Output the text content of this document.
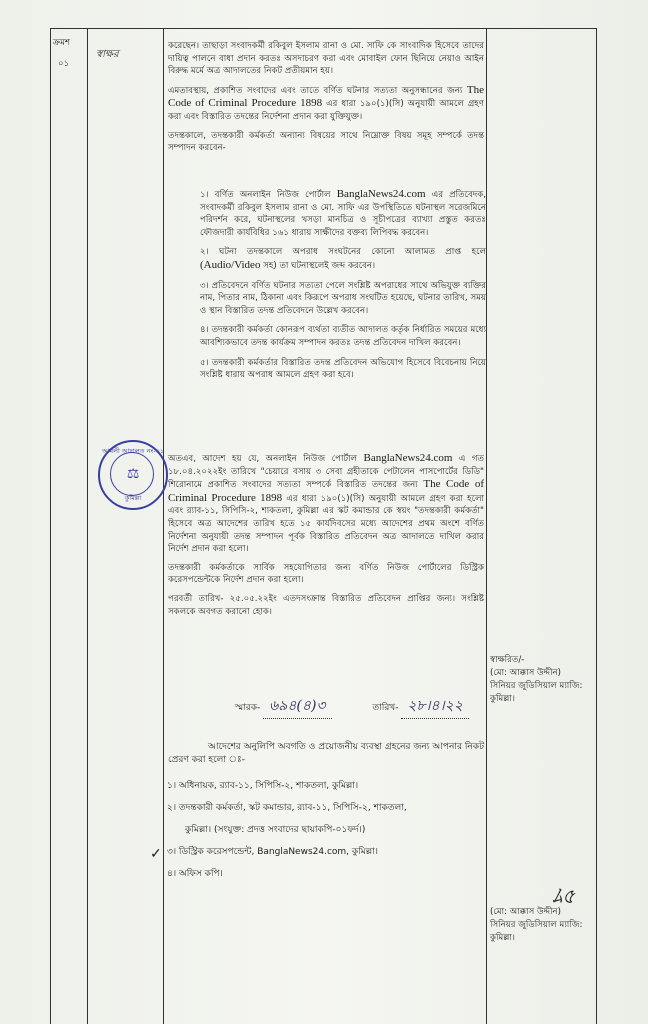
ক্রমশ
০১
স্বাক্ষর

করেছেন। তাছাড়া সংবাদকর্মী রকিবুল ইসলাম রানা ও মো. সাফি কে সাংবাদিক হিসেবে তাদের দায়িত্ব পালনে বাধা প্রদান করতঃ অসদাচরণ করা এবং মোবাইল ফোন ছিনিয়ে নেয়াও আইন বিরুদ্ধ মর্মে অত্র আদালতের নিকট প্রতীয়মান হয়।

এমতাবস্থায়, প্রকাশিত সংবাদের এবং তাতে বর্ণিত ঘটনার সত্যতা অনুসন্ধানের জন্য The Code of Criminal Procedure 1898 এর ধারা ১৯০(১)(সি) অনুযায়ী আমলে গ্রহণ করা এবং বিস্তারিত তদন্তের নির্দেশনা প্রদান করা যুক্তিযুক্ত।

তদন্তকালে, তদন্তকারী কর্মকর্তা অন্যান্য বিষয়ের সাথে নিম্নোক্ত বিষয় সমূহ সম্পর্কে তদন্ত সম্পাদন করবেন-

১। বর্ণিত অনলাইন নিউজ পোর্টাল BanglaNews24.com এর প্রতিবেদক, সংবাদকর্মী রকিবুল ইসলাম রানা ও মো. সাফি এর উপস্থিতিতে ঘটনাস্থল সরেজমিনে পরিদর্শন করে, ঘটনাস্থলের খসড়া মানচিত্র ও সূচীপত্রের ব্যাখ্যা প্রস্তুত করতঃ ফৌজদারী কার্যবিধির ১৬১ ধারায় সাক্ষীদের বক্তব্য লিপিবদ্ধ করবেন।
২। ঘটনা তদন্তকালে অপরাধ সংঘটনের কোনো আলামত প্রাপ্ত হলে (Audio/Video সহ) তা ঘটনাস্থলেই জব্দ করবেন।
৩। প্রতিবেদনে বর্ণিত ঘটনার সত্যতা পেলে সংশ্লিষ্ট অপরাধের সাথে অভিযুক্ত ব্যক্তির নাম, পিতার নাম, ঠিকানা এবং কিরূপে অপরাধ সংঘটিত হয়েছে, ঘটনার তারিখ, সময় ও স্থান বিস্তারিত তদন্ত প্রতিবেদনে উল্লেখ করবেন।
৪। তদন্তকারী কর্মকর্তা কোনরূপ ব্যর্থতা ব্যতীত আদালত কর্তৃক নির্ধারিত সময়ের মধ্যে আবশ্যিকভাবে তদন্ত কার্যক্রম সম্পাদন করতঃ তদন্ত প্রতিবেদন দাখিল করবেন।
৫। তদন্তকারী কর্মকর্তার বিস্তারিত তদন্ত প্রতিবেদন অভিযোগ হিসেবে বিবেচনায় নিয়ে সংশ্লিষ্ট ধারায় অপরাধ আমলে গ্রহণ করা হবে।

অতএব, আদেশ হয় যে, অনলাইন নিউজ পোর্টাল BanglaNews24.com এ গত ১৮.০৪.২০২২ইং তারিখে "চেয়ারে বসায় ৩ সেবা গ্রহীতাকে পেটালেন পাসপোর্টের ডিডি" শিরোনামে প্রকাশিত সংবাদের সত্যতা সম্পর্কে বিস্তারিত তদন্তের জন্য The Code of Criminal Procedure 1898 এর ধারা ১৯০(১)(সি) অনুযায়ী আমলে গ্রহণ করা হলো এবং র‌্যাব-১১, সিপিসি-২, শাকতলা, কুমিল্লা এর স্কট কমান্ডার কে স্বয়ং "তদন্তকারী কর্মকর্তা" হিসেবে অত্র আদেশের তারিখ হতে ১৫ কার্যদিবসের মধ্যে আদেশের প্রথম অংশে বর্ণিত নির্দেশনা অনুযায়ী তদন্ত সম্পাদন পূর্বক বিস্তারিত প্রতিবেদন অত্র আদালতে দাখিল করার নির্দেশ প্রদান করা হলো।

তদন্তকারী কর্মকর্তাকে সার্বিক সহযোগিতার জন্য বর্ণিত নিউজ পোর্টালের ডিস্ট্রিক করেসপন্ডেন্টকে নির্দেশ প্রদান করা হলো।

পরবর্তী তারিখ- ২৫.০৫.২২ইং এতদসংক্রান্ত বিস্তারিত প্রতিবেদন প্রাপ্তির জন্য। সংশ্লিষ্ট সকলকে অবগত করানো হোক।

স্বাক্ষরিত/-
(মো: আক্কাস উদ্দীন)
সিনিয়র জুডিসিয়াল ম্যাজি:
কুমিল্লা।
স্মারক- ৬৯৪(৪)৩	তারিখ- ২৮।৪।২২
আদেশের অনুলিপি অবগতি ও প্রয়োজনীয় ব্যবস্থা গ্রহনের জন্য আপনার নিকট প্রেরণ করা হলো ঃ-
১। অধিনায়ক, র‌্যাব-১১, সিপিসি-২, শাকতলা, কুমিল্লা।
২। তদন্তকারী কর্মকর্তা, স্কট কমান্ডার, র‌্যাব-১১, সিপিসি-২, শাকতলা,
কুমিল্লা। (সংযুক্ত: প্রদত্ত সংবাদের ছায়াকপি-০১ফর্দ।)
৩। ডিস্ট্রিক করেসপন্ডেন্ট, BanglaNews24.com, কুমিল্লা।
৪। অফিস কপি।
✓
ﾑ৫
(মো: আক্কাস উদ্দীন)
সিনিয়র জুডিসিয়াল ম্যাজি:
কুমিল্লা।
আমলী আদালত নং-০১
⚖
কুমিল্লা
